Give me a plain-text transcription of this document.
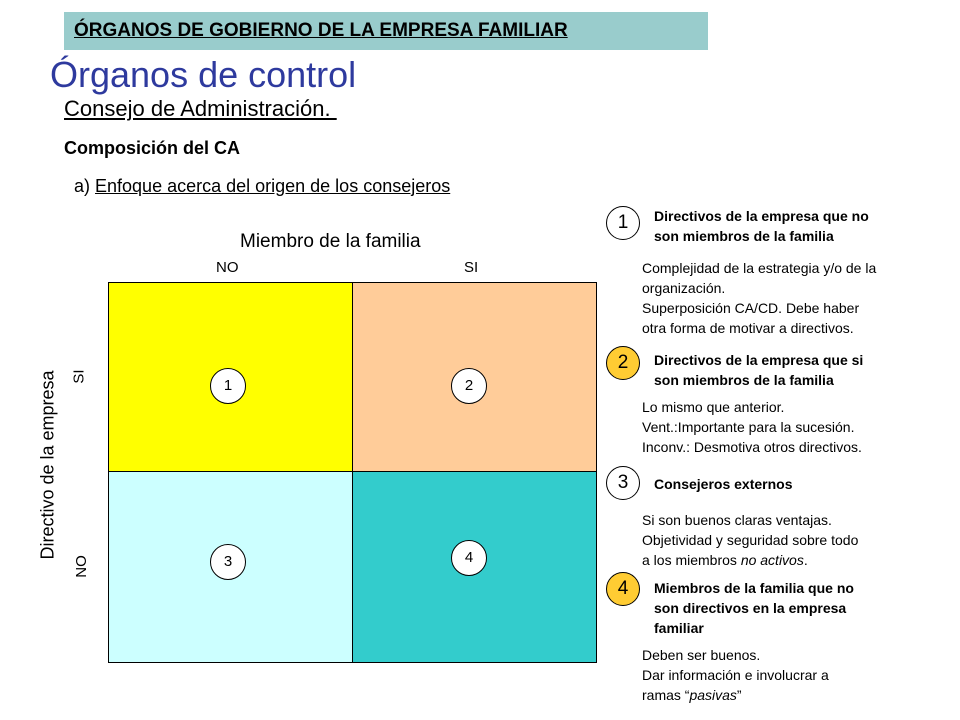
ÓRGANOS DE GOBIERNO DE LA EMPRESA FAMILIAR
Órganos de control
Consejo de Administración.
Composición del CA
a) Enfoque acerca del origen de los consejeros
Miembro de la familia
NO	SI
Directivo de la empresa SI
NO
1	2
3	4
1	Directivos de la empresa que no
son miembros de la familia
Complejidad de la estrategia y/o de la
organización.
Superposición CA/CD. Debe haber
otra forma de motivar a directivos.
2	Directivos de la empresa que si
son miembros de la familia
Lo mismo que anterior.
Vent.:Importante para la sucesión.
Inconv.: Desmotiva otros directivos.
3	Consejeros externos
Si son buenos claras ventajas.
Objetividad y seguridad sobre todo
a los miembros no activos.
4	Miembros de la familia que no
son directivos en la empresa
familiar
Deben ser buenos.
Dar información e involucrar a
ramas “pasivas”
